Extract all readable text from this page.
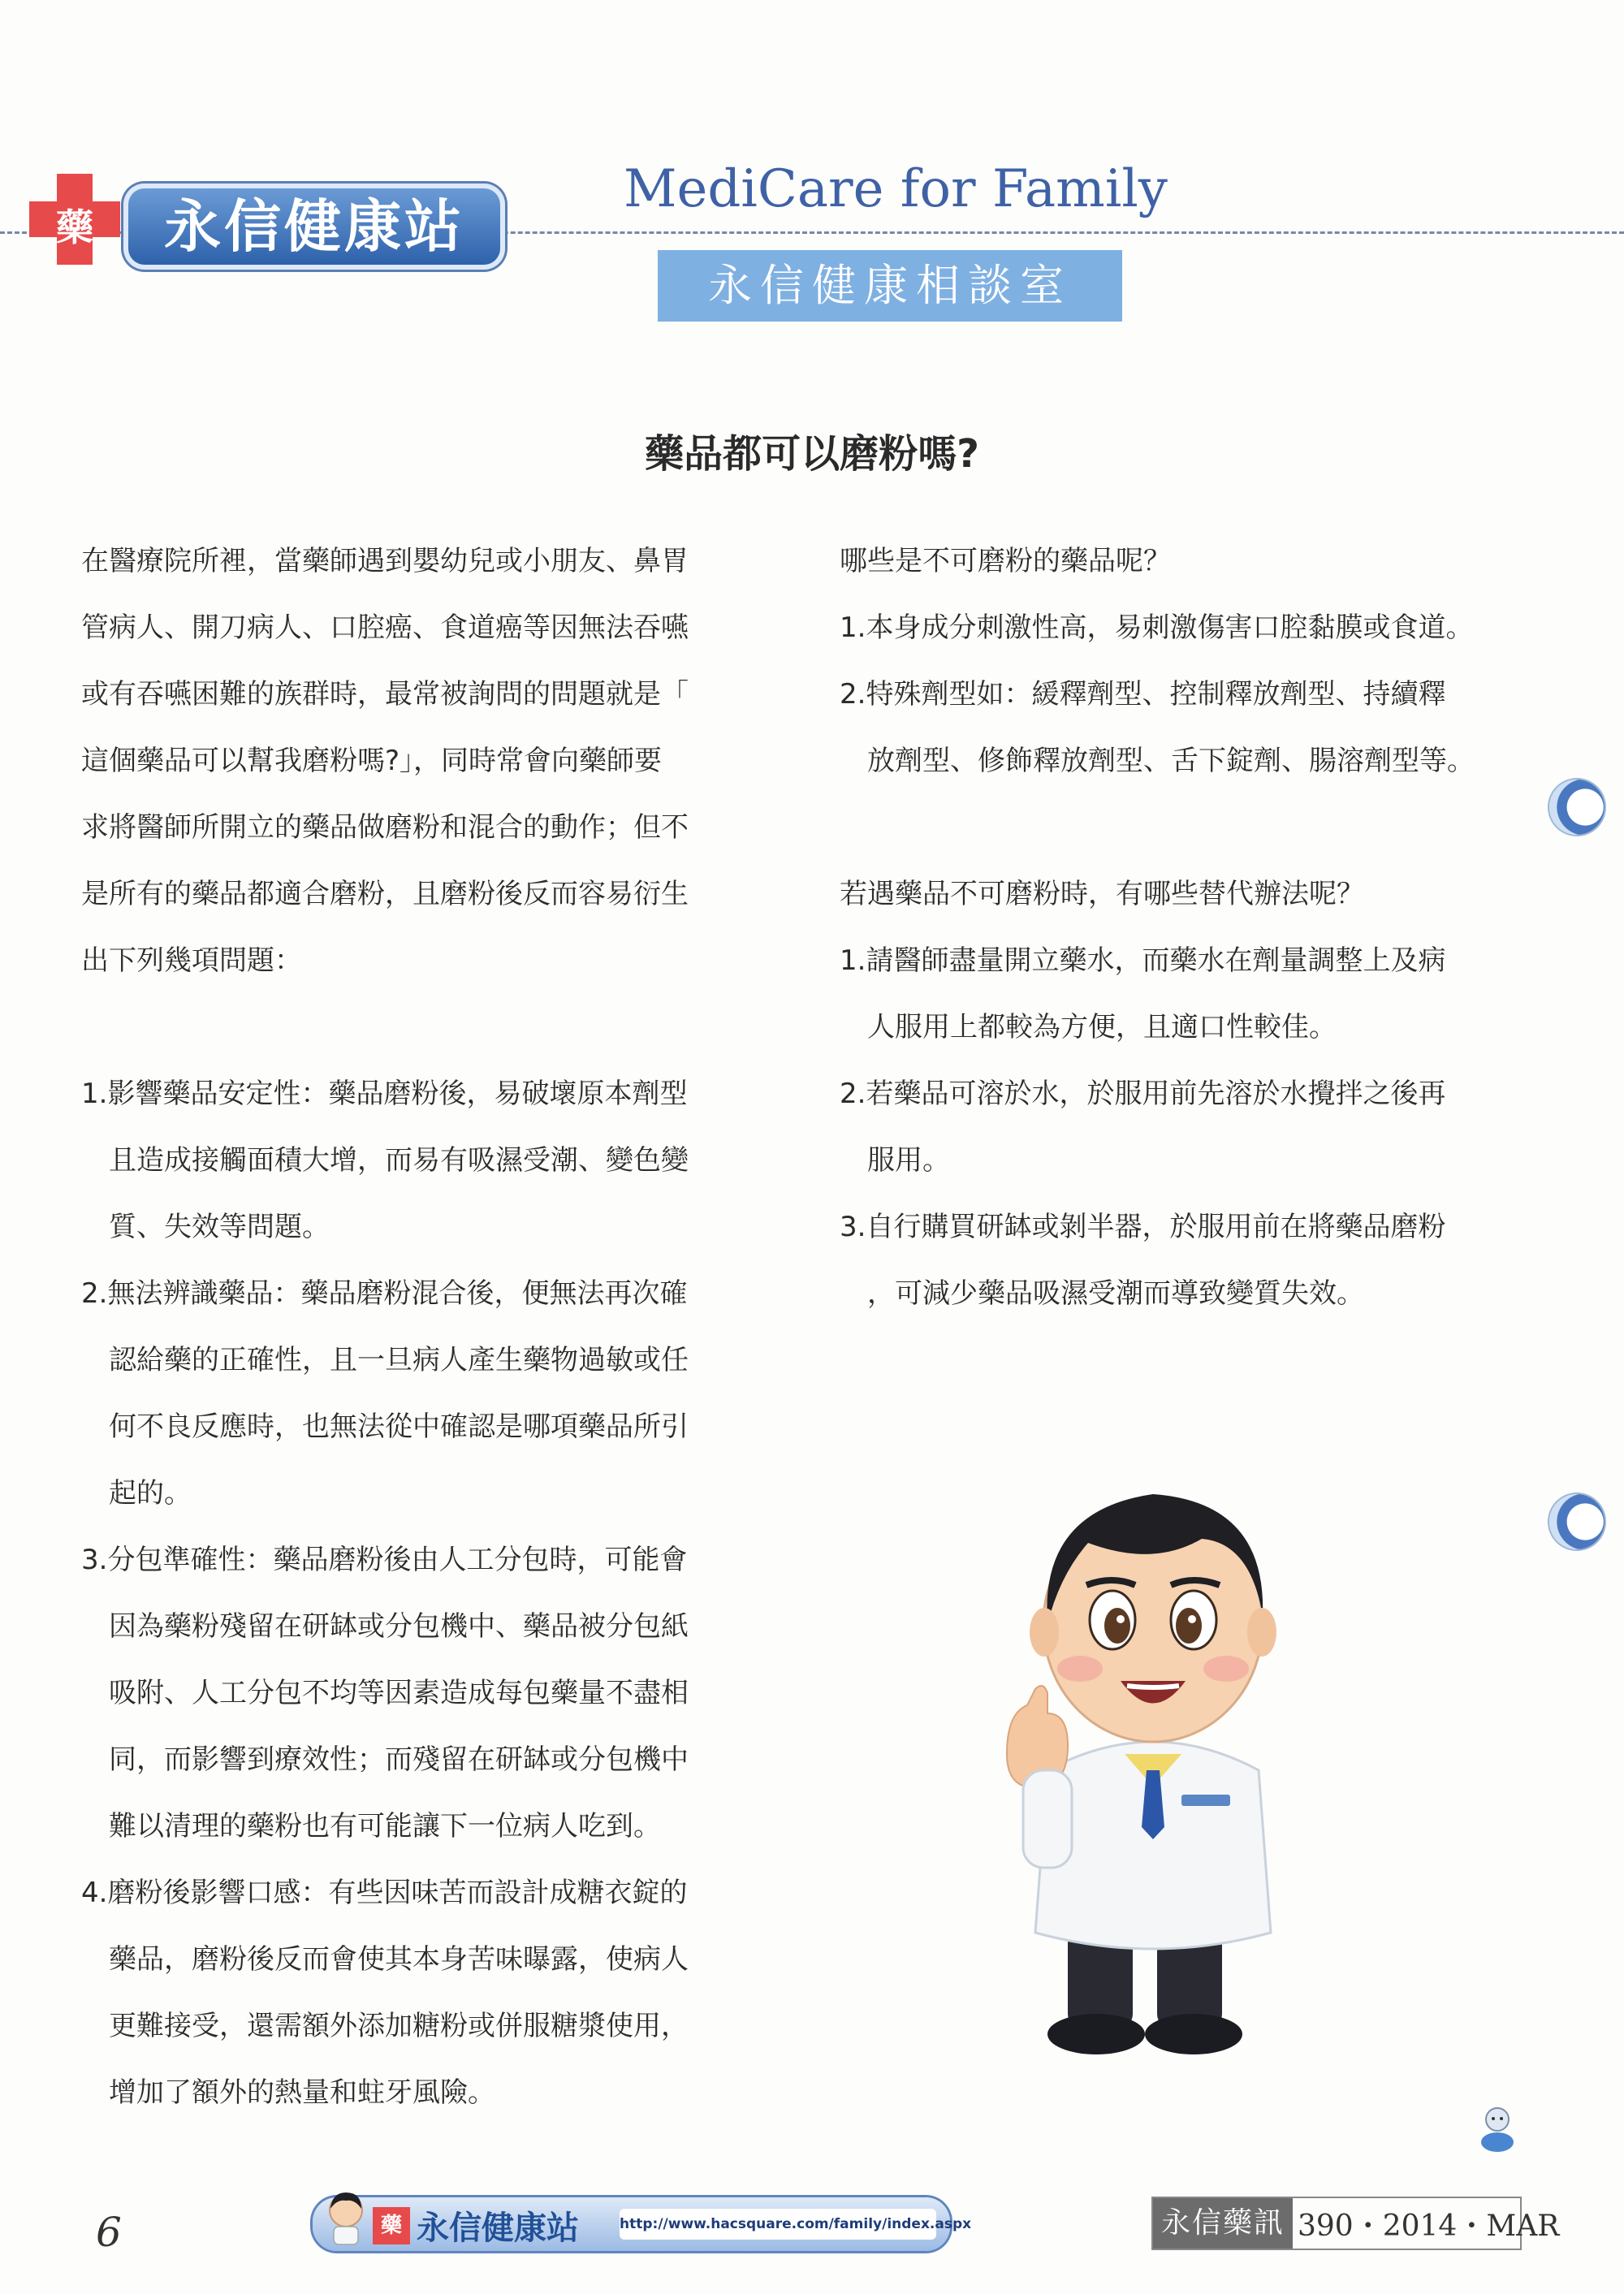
藥	永信健康站
MediCare for Family
永信健康相談室
藥品都可以磨粉嗎?

在醫療院所裡，當藥師遇到嬰幼兒或小朋友、鼻胃

管病人、開刀病人、口腔癌、食道癌等因無法吞嚥

或有吞嚥困難的族群時，最常被詢問的問題就是「

這個藥品可以幫我磨粉嗎?」，同時常會向藥師要

求將醫師所開立的藥品做磨粉和混合的動作；但不

是所有的藥品都適合磨粉，且磨粉後反而容易衍生

出下列幾項問題：

1.影響藥品安定性：藥品磨粉後，易破壞原本劑型

且造成接觸面積大增，而易有吸濕受潮、變色變

質、失效等問題。

2.無法辨識藥品：藥品磨粉混合後，便無法再次確

認給藥的正確性，且一旦病人產生藥物過敏或任

何不良反應時，也無法從中確認是哪項藥品所引

起的。

3.分包準確性：藥品磨粉後由人工分包時，可能會

因為藥粉殘留在研缽或分包機中、藥品被分包紙

吸附、人工分包不均等因素造成每包藥量不盡相

同，而影響到療效性；而殘留在研缽或分包機中

難以清理的藥粉也有可能讓下一位病人吃到。

4.磨粉後影響口感：有些因味苦而設計成糖衣錠的

藥品，磨粉後反而會使其本身苦味曝露，使病人

更難接受，還需額外添加糖粉或併服糖漿使用，

增加了額外的熱量和蛀牙風險。

哪些是不可磨粉的藥品呢？

1.本身成分刺激性高，易刺激傷害口腔黏膜或食道。

2.特殊劑型如：緩釋劑型、控制釋放劑型、持續釋

放劑型、修飾釋放劑型、舌下錠劑、腸溶劑型等。

若遇藥品不可磨粉時，有哪些替代辦法呢？

1.請醫師盡量開立藥水，而藥水在劑量調整上及病

人服用上都較為方便，且適口性較佳。

2.若藥品可溶於水，於服用前先溶於水攪拌之後再

服用。

3.自行購買研缽或剝半器，於服用前在將藥品磨粉

，可減少藥品吸濕受潮而導致變質失效。

6	藥 永信健康站	http://www.hacsquare.com/family/index.aspx	永信藥訊 390・2014・MAR
